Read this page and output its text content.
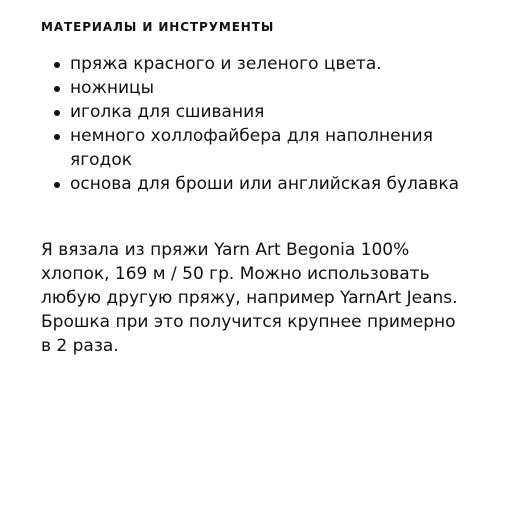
МАТЕРИАЛЫ И ИНСТРУМЕНТЫ
пряжа красного и зеленого цвета.
ножницы
иголка для сшивания
немного холлофайбера для наполнения ягодок
основа для броши или английская булавка

Я вязала из пряжи Yarn Art Begonia 100% хлопок, 169 м / 50 гр. Можно использовать любую другую пряжу, например YarnArt Jeans. Брошка при это получится крупнее примерно в 2 раза.
